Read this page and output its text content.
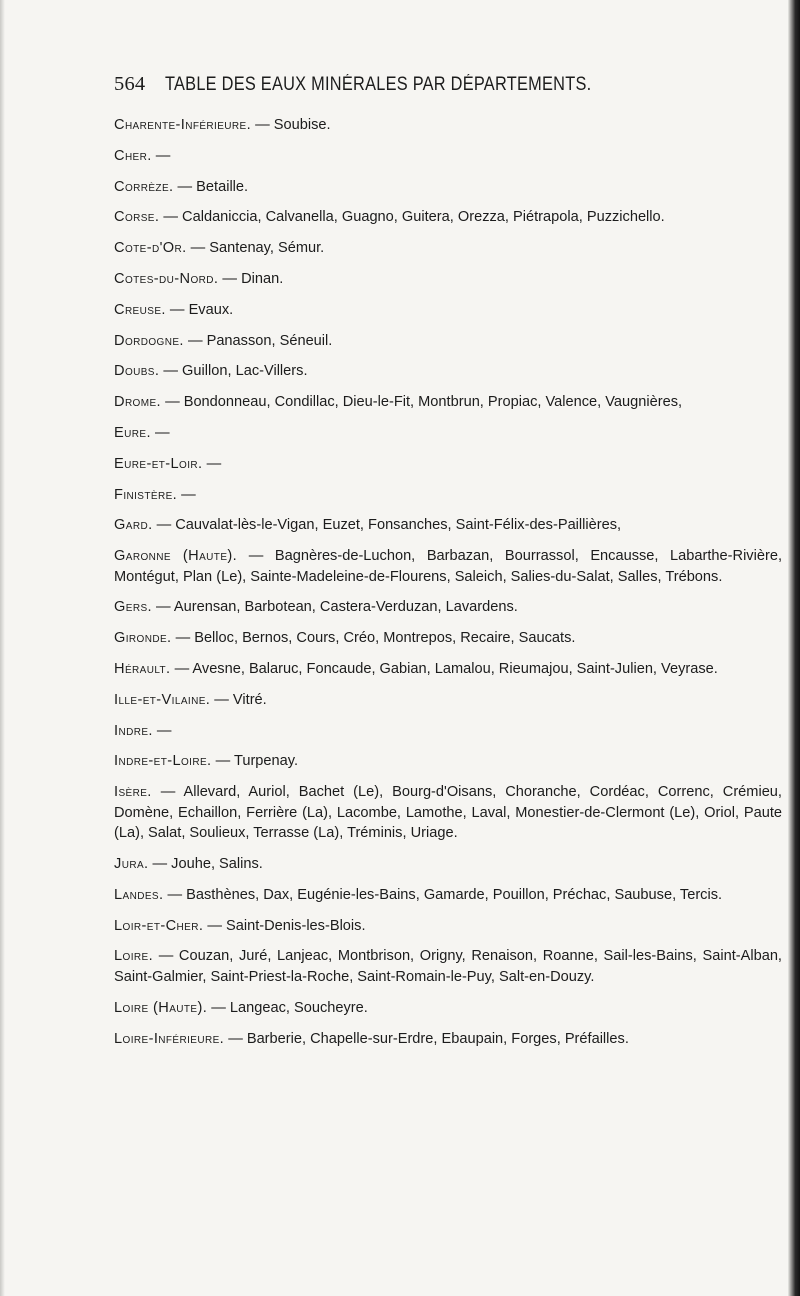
564 TABLE DES EAUX MINÉRALES PAR DÉPARTEMENTS.

Charente-Inférieure. — Soubise.

Cher. —

Corrèze. — Betaille.

Corse. — Caldaniccia, Calvanella, Guagno, Guitera, Orezza, Piétrapola, Puzzichello.

Cote-d'Or. — Santenay, Sémur.

Cotes-du-Nord. — Dinan.

Creuse. — Evaux.

Dordogne. — Panasson, Séneuil.

Doubs. — Guillon, Lac-Villers.

Drome. — Bondonneau, Condillac, Dieu-le-Fit, Montbrun, Propiac, Valence, Vaugnières,

Eure. —

Eure-et-Loir. —

Finistère. —

Gard. — Cauvalat-lès-le-Vigan, Euzet, Fonsanches, Saint-Félix-des-Paillières,

Garonne (Haute). — Bagnères-de-Luchon, Barbazan, Bourrassol, Encausse, Labarthe-Rivière, Montégut, Plan (Le), Sainte-Madeleine-de-Flourens, Saleich, Salies-du-Salat, Salles, Trébons.

Gers. — Aurensan, Barbotean, Castera-Verduzan, Lavardens.

Gironde. — Belloc, Bernos, Cours, Créo, Montrepos, Recaire, Saucats.

Hérault. — Avesne, Balaruc, Foncaude, Gabian, Lamalou, Rieumajou, Saint-Julien, Veyrase.

Ille-et-Vilaine. — Vitré.

Indre. —

Indre-et-Loire. — Turpenay.

Isère. — Allevard, Auriol, Bachet (Le), Bourg-d'Oisans, Choranche, Cordéac, Correnc, Crémieu, Domène, Echaillon, Ferrière (La), Lacombe, Lamothe, Laval, Monestier-de-Clermont (Le), Oriol, Paute (La), Salat, Soulieux, Terrasse (La), Tréminis, Uriage.

Jura. — Jouhe, Salins.

Landes. — Basthènes, Dax, Eugénie-les-Bains, Gamarde, Pouillon, Préchac, Saubuse, Tercis.

Loir-et-Cher. — Saint-Denis-les-Blois.

Loire. — Couzan, Juré, Lanjeac, Montbrison, Origny, Renaison, Roanne, Sail-les-Bains, Saint-Alban, Saint-Galmier, Saint-Priest-la-Roche, Saint-Romain-le-Puy, Salt-en-Douzy.

Loire (Haute). — Langeac, Soucheyre.

Loire-Inférieure. — Barberie, Chapelle-sur-Erdre, Ebaupain, Forges, Préfailles.
